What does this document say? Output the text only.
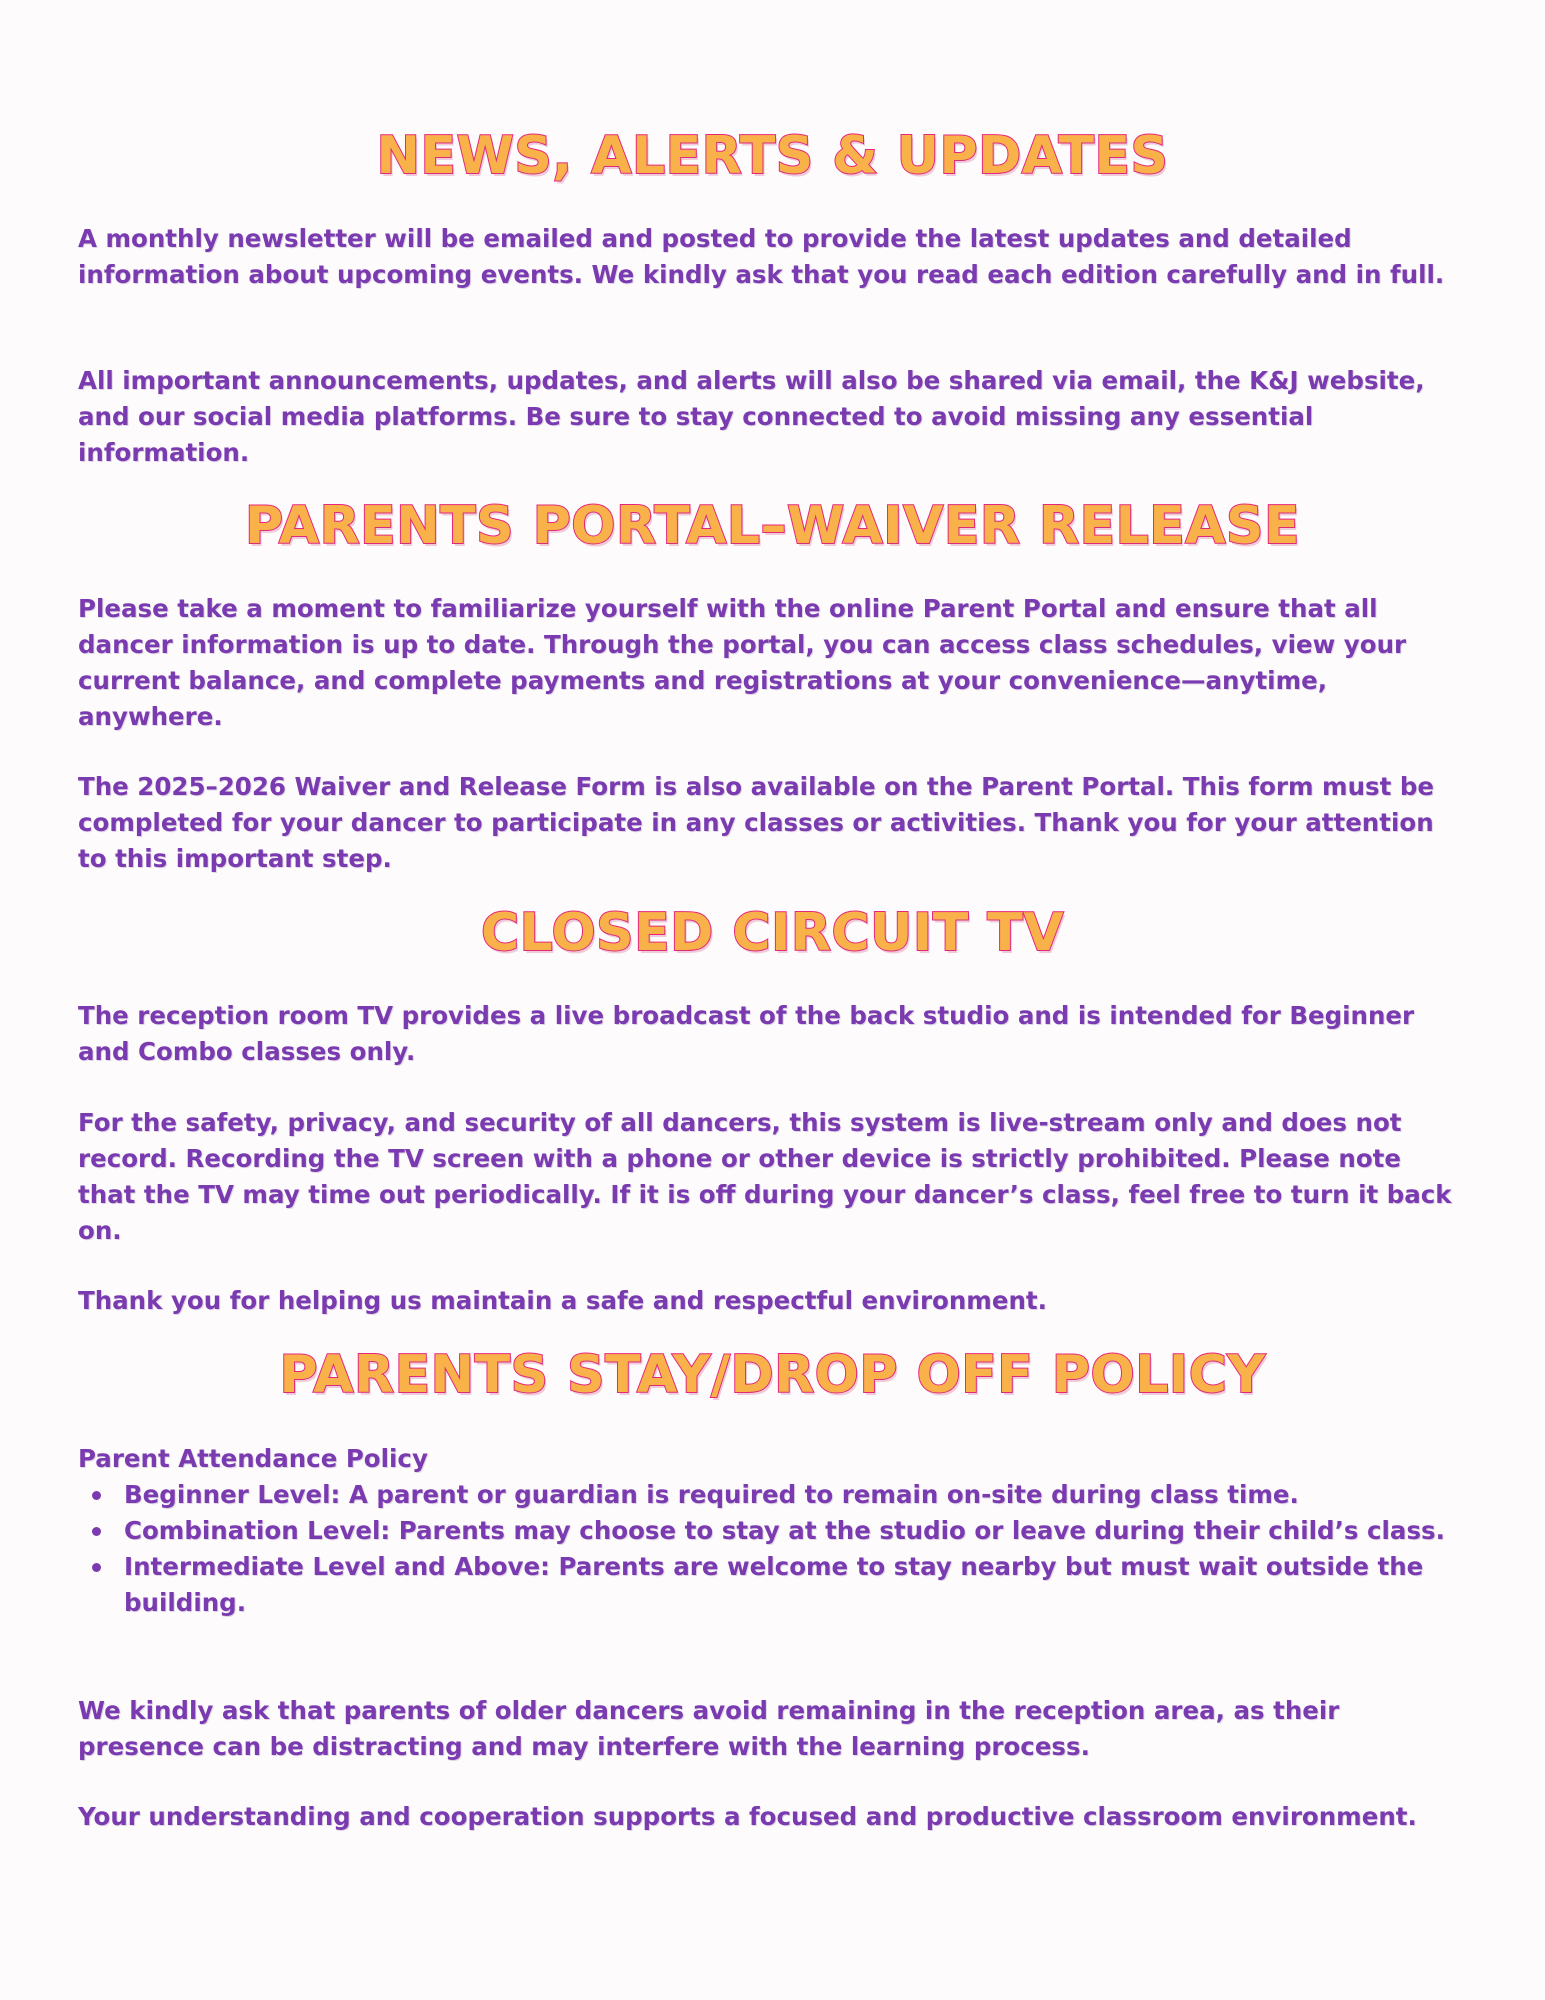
NEWS, ALERTS & UPDATES

A monthly newsletter will be emailed and posted to provide the latest updates and detailed information about upcoming events. We kindly ask that you read each edition carefully and in full.

All important announcements, updates, and alerts will also be shared via email, the K&J website, and our social media platforms. Be sure to stay connected to avoid missing any essential information.

PARENTS PORTAL–WAIVER RELEASE

Please take a moment to familiarize yourself with the online Parent Portal and ensure that all dancer information is up to date. Through the portal, you can access class schedules, view your current balance, and complete payments and registrations at your convenience—anytime, anywhere.

The 2025–2026 Waiver and Release Form is also available on the Parent Portal. This form must be completed for your dancer to participate in any classes or activities. Thank you for your attention to this important step.

CLOSED CIRCUIT TV

The reception room TV provides a live broadcast of the back studio and is intended for Beginner and Combo classes only.

For the safety, privacy, and security of all dancers, this system is live-stream only and does not record. Recording the TV screen with a phone or other device is strictly prohibited. Please note that the TV may time out periodically. If it is off during your dancer’s class, feel free to turn it back on.

Thank you for helping us maintain a safe and respectful environment.

PARENTS STAY/DROP OFF POLICY

Parent Attendance Policy

Beginner Level: A parent or guardian is required to remain on-site during class time.
Combination Level: Parents may choose to stay at the studio or leave during their child’s class.
Intermediate Level and Above: Parents are welcome to stay nearby but must wait outside the building.

We kindly ask that parents of older dancers avoid remaining in the reception area, as their presence can be distracting and may interfere with the learning process.

Your understanding and cooperation supports a focused and productive classroom environment.
